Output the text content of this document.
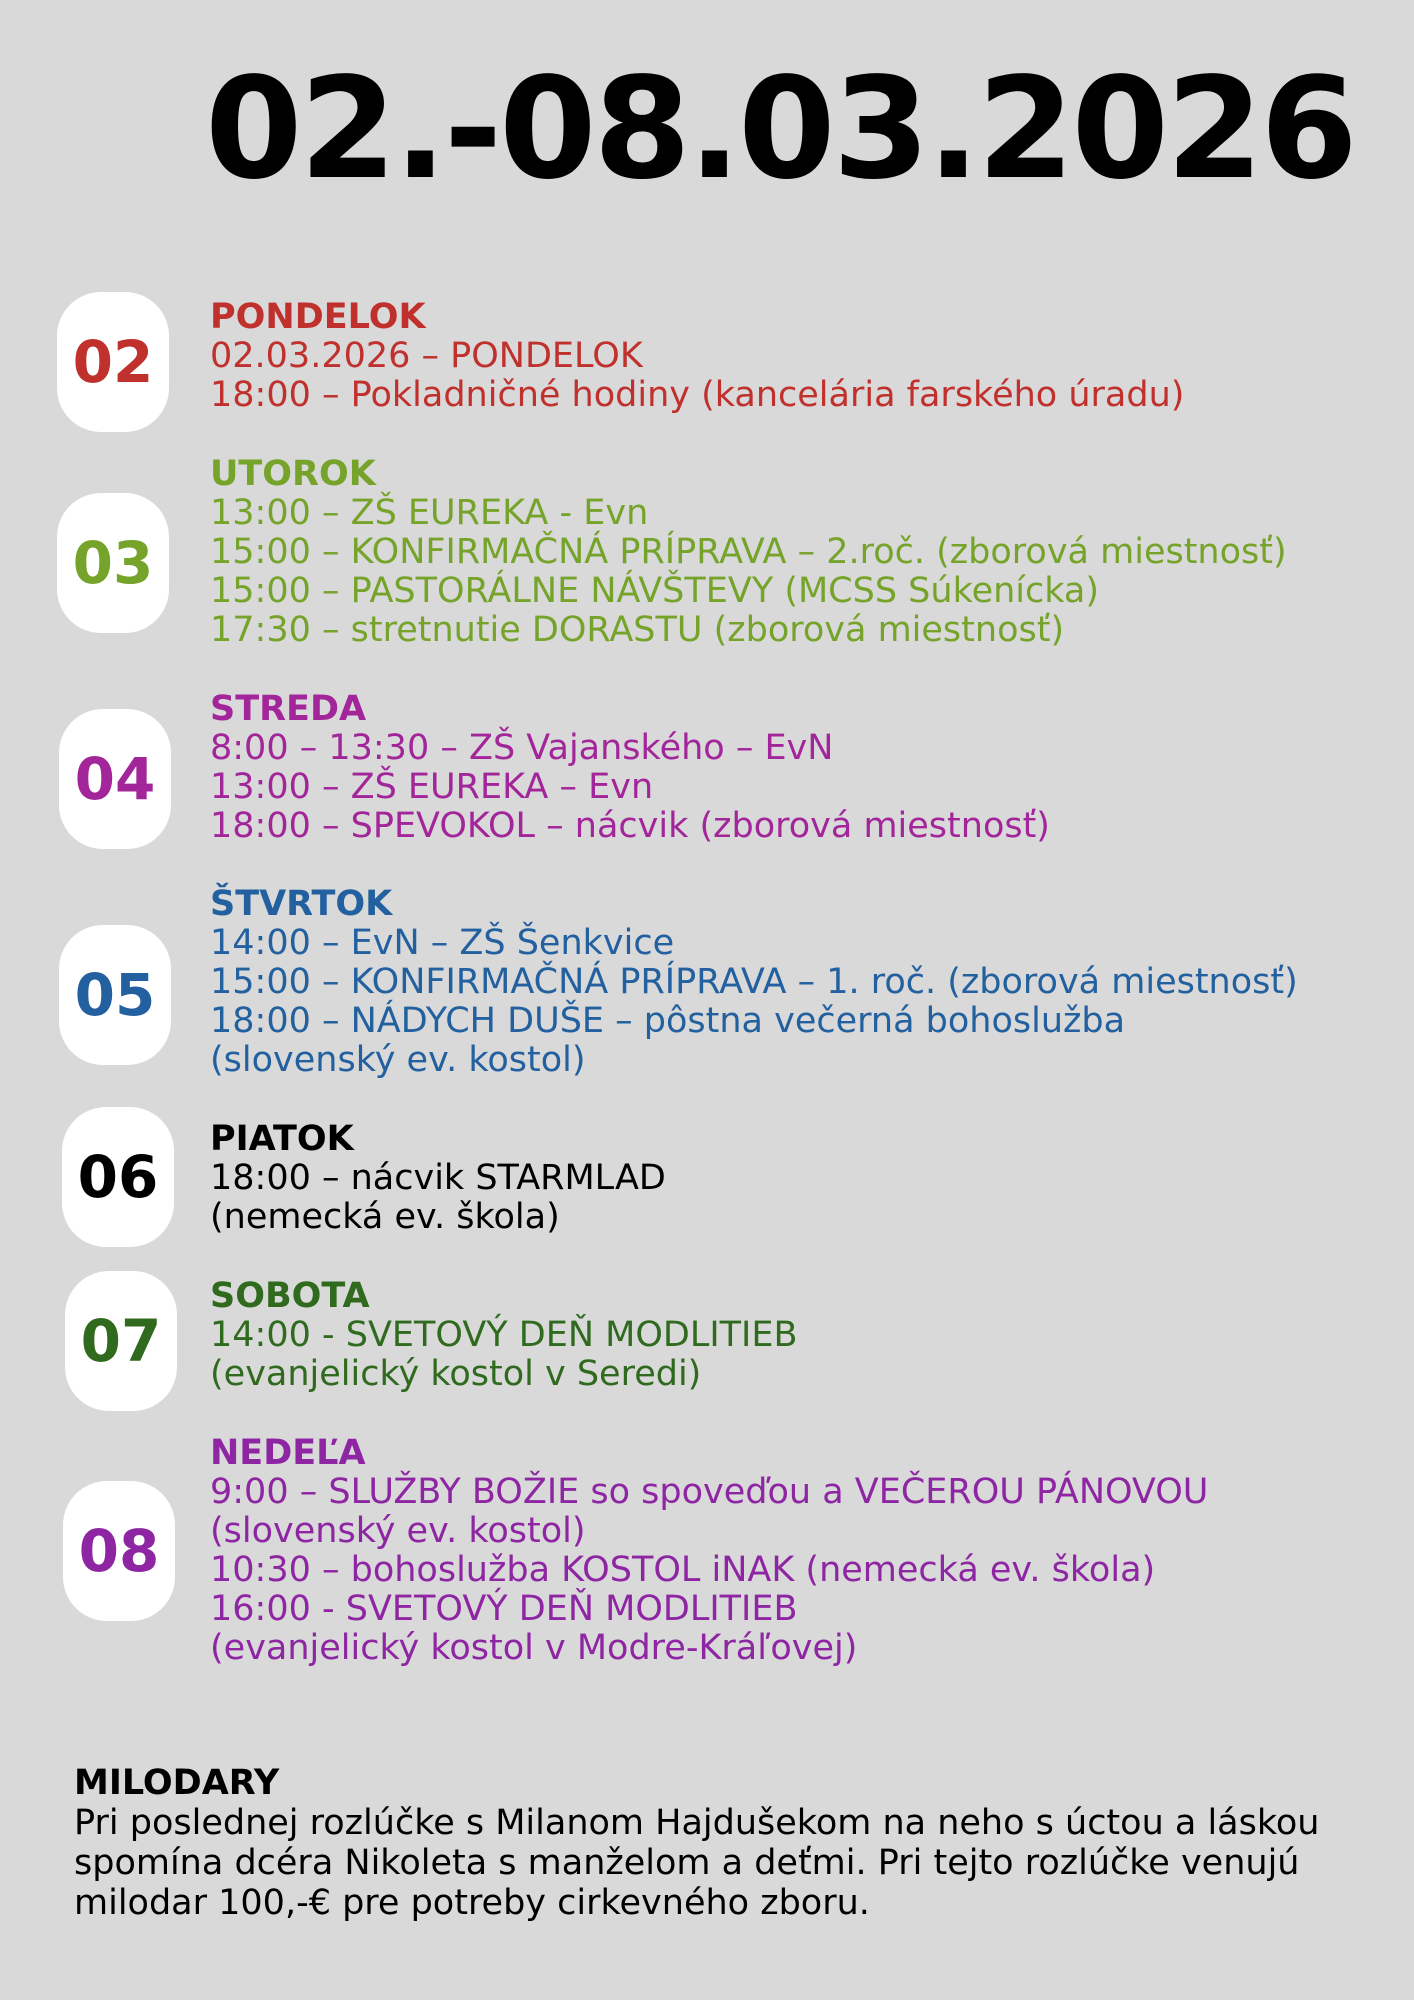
02.-08.03.2026
02
PONDELOK
02.03.2026 – PONDELOK
18:00 – Pokladničné hodiny (kancelária farského úradu)
03
UTOROK
13:00 – ZŠ EUREKA - Evn
15:00 – KONFIRMAČNÁ PRÍPRAVA – 2.roč. (zborová miestnosť)
15:00 – PASTORÁLNE NÁVŠTEVY (MCSS Súkenícka)
17:30 – stretnutie DORASTU (zborová miestnosť)
04
STREDA
8:00 – 13:30 – ZŠ Vajanského – EvN
13:00 – ZŠ EUREKA – Evn
18:00 – SPEVOKOL – nácvik (zborová miestnosť)
05
ŠTVRTOK
14:00 – EvN – ZŠ Šenkvice
15:00 – KONFIRMAČNÁ PRÍPRAVA – 1. roč. (zborová miestnosť)
18:00 – NÁDYCH DUŠE – pôstna večerná bohoslužba
(slovenský ev. kostol)
06
PIATOK
18:00 – nácvik STARMLAD
(nemecká ev. škola)
07
SOBOTA
14:00 - SVETOVÝ DEŇ MODLITIEB
(evanjelický kostol v Seredi)
08
NEDEĽA
9:00 – SLUŽBY BOŽIE so spoveďou a VEČEROU PÁNOVOU
(slovenský ev. kostol)
10:30 – bohoslužba KOSTOL iNAK (nemecká ev. škola)
16:00 - SVETOVÝ DEŇ MODLITIEB
(evanjelický kostol v Modre-Kráľovej)
MILODARY
Pri poslednej rozlúčke s Milanom Hajdušekom na neho s úctou a láskou spomína dcéra Nikoleta s manželom a deťmi. Pri tejto rozlúčke venujú milodar 100,-€ pre potreby cirkevného zboru.
